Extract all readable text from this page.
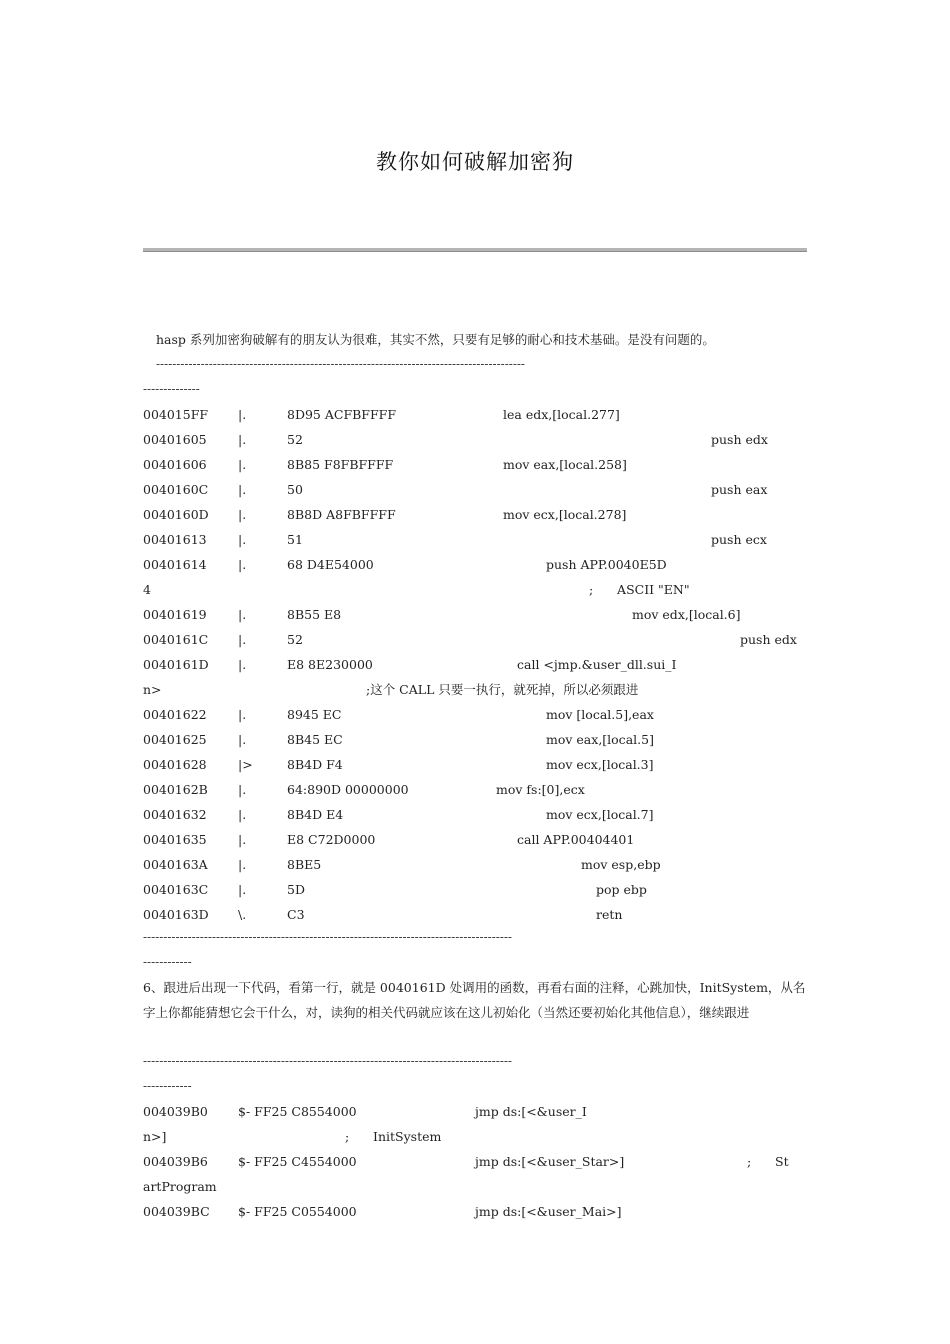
教你如何破解加密狗
hasp 系列加密狗破解有的朋友认为很难，其实不然，只要有足够的耐心和技术基础。是没有问题的。
-------------------------------------------------------------------------------------------
--------------
004015FF |.	8D95 ACFBFFFF	lea edx,[local.277]
00401605	|.	52	push edx
00401606	|.	8B85 F8FBFFFF	mov eax,[local.258]
0040160C |.	50	push eax
0040160D |.	8B8D A8FBFFFF	mov ecx,[local.278]
00401613	|.	51	push ecx
00401614	|.	68 D4E54000	push APP.0040E5D
4	;      ASCII "EN"
00401619	|.	8B55 E8	mov edx,[local.6]
0040161C |.	52	push edx
0040161D |.	E8 8E230000	call <jmp.&user_dll.sui_I
n>	;这个 CALL 只要一执行，就死掉，所以必须跟进
00401622	|.	8945 EC	mov [local.5],eax
00401625	|.	8B45 EC	mov eax,[local.5]
00401628	|>	8B4D F4	mov ecx,[local.3]
0040162B |.	64:890D 00000000	mov fs:[0],ecx
00401632	|.	8B4D E4	mov ecx,[local.7]
00401635	|.	E8 C72D0000	call APP.00404401
0040163A |.	8BE5	mov esp,ebp
0040163C |.	5D	pop ebp
0040163D \.	C3	retn
-------------------------------------------------------------------------------------------
------------
6、跟进后出现一下代码，看第一行，就是 0040161D 处调用的函数，再看右面的注释，心跳加快，InitSystem，从名字上你都能猜想它会干什么，对，读狗的相关代码就应该在这儿初始化（当然还要初始化其他信息），继续跟进
-------------------------------------------------------------------------------------------
------------
004039B0 $- FF25 C8554000	jmp ds:[<&user_I
n>]	;      InitSystem
004039B6 $- FF25 C4554000	jmp ds:[<&user_Star>]	;      St
artProgram
004039BC $- FF25 C0554000	jmp ds:[<&user_Mai>]
